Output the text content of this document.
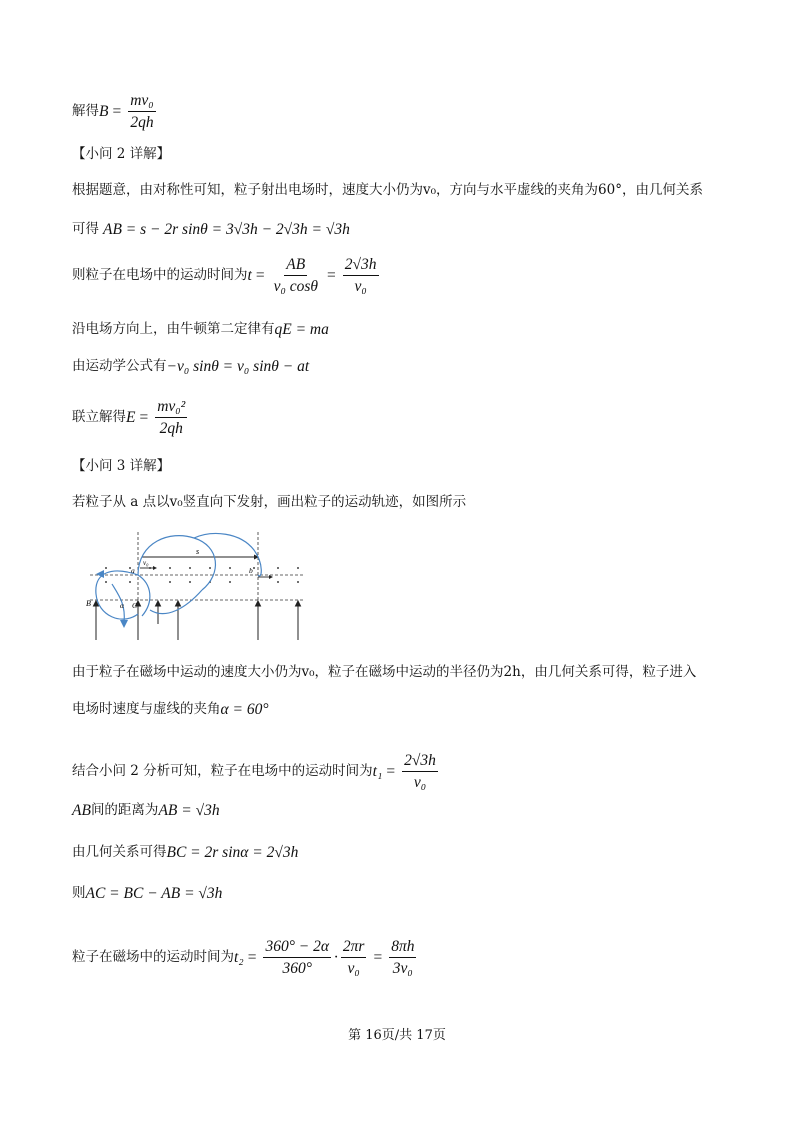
解得 $B = \frac{\text{mv₀}}{2qh}$
【小问 2 详解】
根据题意，由对称性可知，粒子射出电场时，速度大小仍为v₀，方向与水平虚线的夹角为60°，由几何关系
可得 AB = s − 2r sinθ = 3√3h − 2√3h = √3h
则粒子在电场中的运动时间为 $t = \frac{AB}{\text{v₀ cosθ}} = \frac{2√3h}{\text{v₀}}$
沿电场方向上，由牛顿第二定律有 qE = ma
由运动学公式有 −v₀ sinθ = v₀ sinθ − at
联立解得 $E = \frac{\text{mv₀²}}{2qh}$
【小问 3 详解】
若粒子从 a 点以v₀竖直向下发射，画出粒子的运动轨迹，如图所示
s
b
a
v₀
B	C
α
由于粒子在磁场中运动的速度大小仍为v₀，粒子在磁场中运动的半径仍为2h，由几何关系可得，粒子进入
电场时速度与虚线的夹角 α = 60°
结合小问 2 分析可知，粒子在电场中的运动时间为 $t_1 = \frac{2√3h}{\text{v₀}}$
AB 间的距离为 AB = √3h
由几何关系可得 BC = 2r sinα = 2√3h
则 AC = BC − AB = √3h
粒子在磁场中的运动时间为 $t_2 = \frac{360^\circ - 2\alpha}{360^\circ} \cdot \frac{2\pi r}{\text{v₀}} = \frac{8\pi h}{\text{3v₀}}$
第 16页/共 17页
